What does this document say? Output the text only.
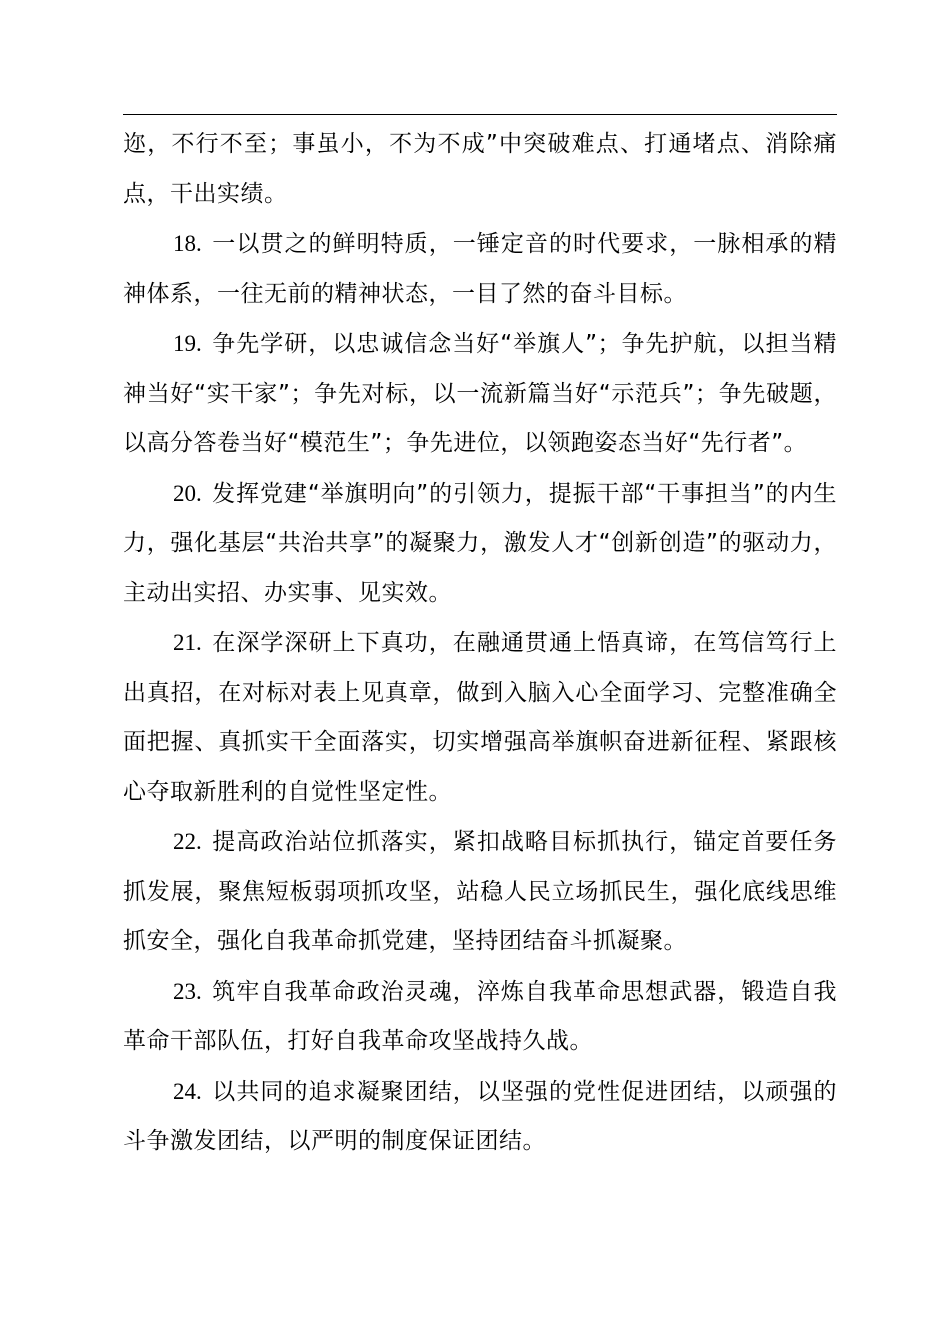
迩，不行不至；事虽小，不为不成”中突破难点、打通堵点、消除痛点，干出实绩。

18. 一以贯之的鲜明特质，一锤定音的时代要求，一脉相承的精神体系，一往无前的精神状态，一目了然的奋斗目标。

19. 争先学研，以忠诚信念当好“举旗人”；争先护航，以担当精神当好“实干家”；争先对标，以一流新篇当好“示范兵”；争先破题，以高分答卷当好“模范生”；争先进位，以领跑姿态当好“先行者”。

20. 发挥党建“举旗明向”的引领力，提振干部“干事担当”的内生力，强化基层“共治共享”的凝聚力，激发人才“创新创造”的驱动力，主动出实招、办实事、见实效。

21. 在深学深研上下真功，在融通贯通上悟真谛，在笃信笃行上出真招，在对标对表上见真章，做到入脑入心全面学习、完整准确全面把握、真抓实干全面落实，切实增强高举旗帜奋进新征程、紧跟核心夺取新胜利的自觉性坚定性。

22. 提高政治站位抓落实，紧扣战略目标抓执行，锚定首要任务抓发展，聚焦短板弱项抓攻坚，站稳人民立场抓民生，强化底线思维抓安全，强化自我革命抓党建，坚持团结奋斗抓凝聚。

23. 筑牢自我革命政治灵魂，淬炼自我革命思想武器，锻造自我革命干部队伍，打好自我革命攻坚战持久战。

24. 以共同的追求凝聚团结，以坚强的党性促进团结，以顽强的斗争激发团结，以严明的制度保证团结。
